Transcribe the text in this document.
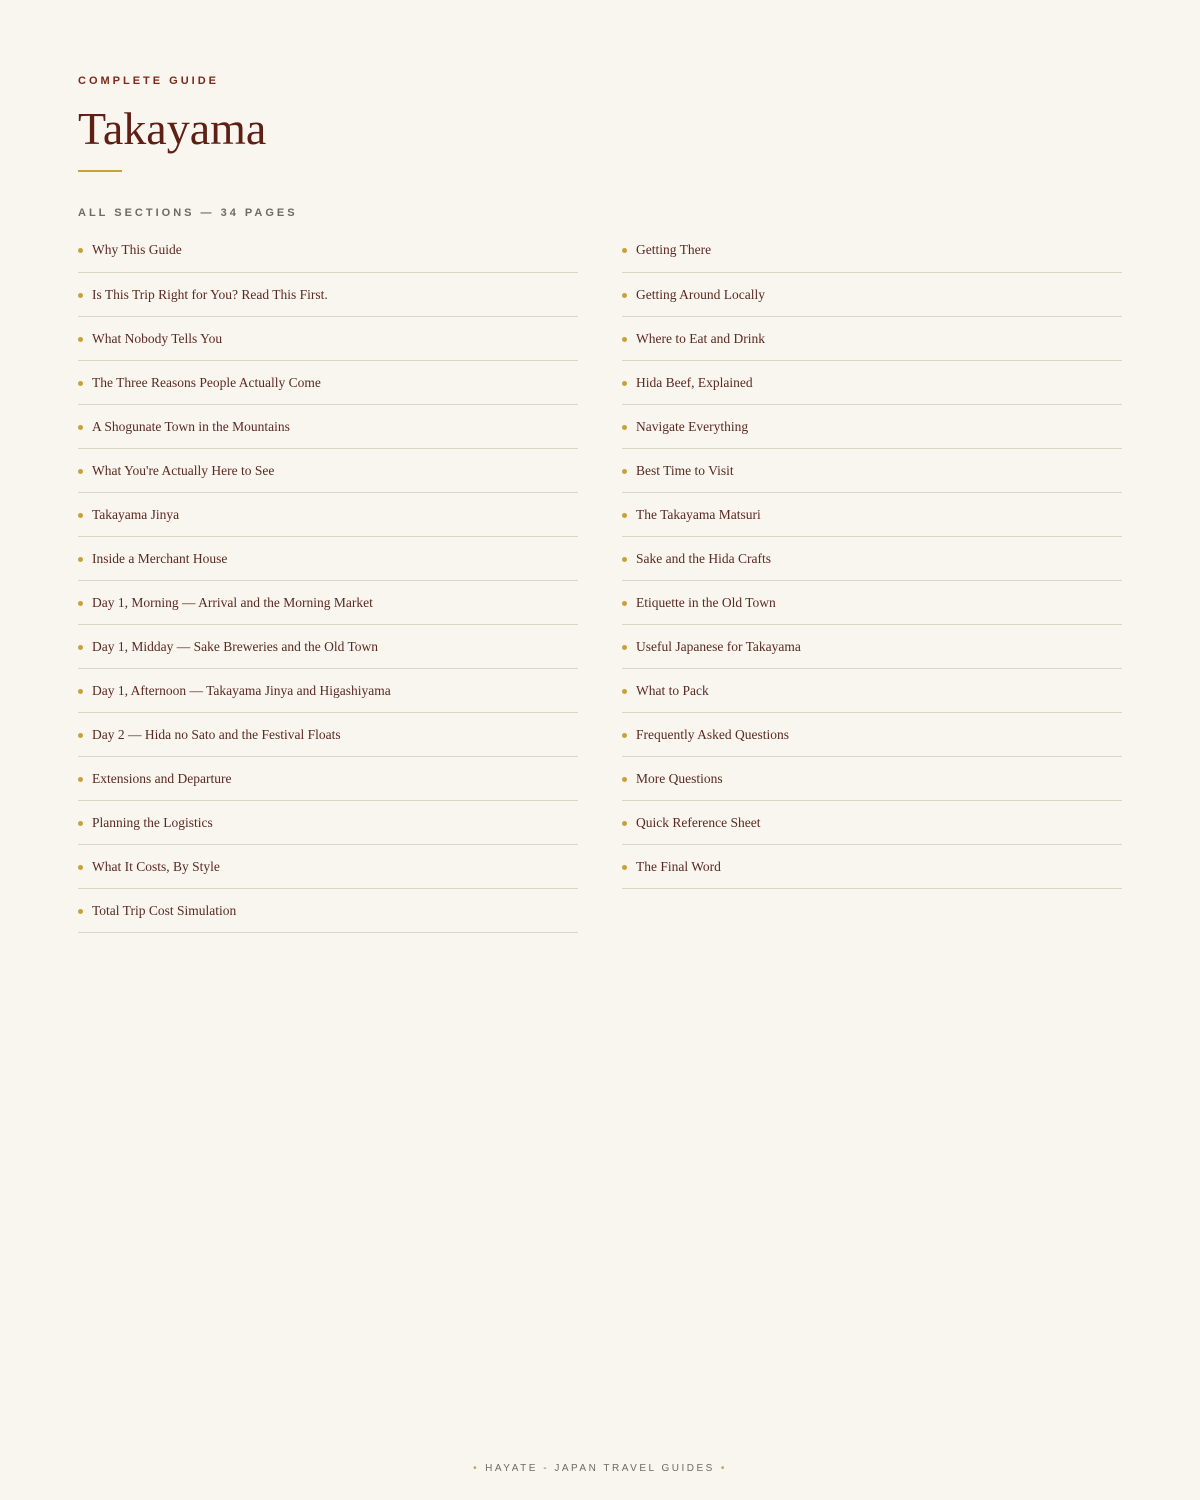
COMPLETE GUIDE
Takayama
ALL SECTIONS — 34 PAGES
Why This Guide
Is This Trip Right for You? Read This First.
What Nobody Tells You
The Three Reasons People Actually Come
A Shogunate Town in the Mountains
What You're Actually Here to See
Takayama Jinya
Inside a Merchant House
Day 1, Morning — Arrival and the Morning Market
Day 1, Midday — Sake Breweries and the Old Town
Day 1, Afternoon — Takayama Jinya and Higashiyama
Day 2 — Hida no Sato and the Festival Floats
Extensions and Departure
Planning the Logistics
What It Costs, By Style
Total Trip Cost Simulation
Getting There
Getting Around Locally
Where to Eat and Drink
Hida Beef, Explained
Navigate Everything
Best Time to Visit
The Takayama Matsuri
Sake and the Hida Crafts
Etiquette in the Old Town
Useful Japanese for Takayama
What to Pack
Frequently Asked Questions
More Questions
Quick Reference Sheet
The Final Word
• HAYATE - JAPAN TRAVEL GUIDES •
